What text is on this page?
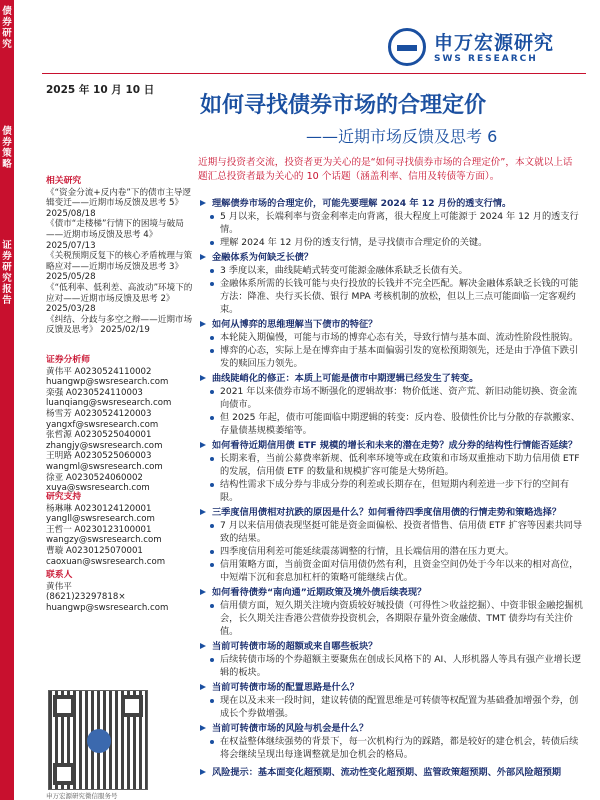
债券研究
债券策略
证券研究报告
申万宏源研究
SWS RESEARCH
2025 年 10 月 10 日
如何寻找债券市场的合理定价
——近期市场反馈及思考 6
相关研究
《“资金分流+反内卷”下的债市主导逻辑变迁——近期市场反馈及思考 5》 2025/08/18
《债市“走楼梯”行情下的困境与破局——近期市场反馈及思考 4》 2025/07/13
《关税预期反复下的核心矛盾梳理与策略应对——近期市场反馈及思考 3》 2025/05/28
《“低利率、低利差、高波动”环境下的应对——近期市场反馈及思考 2》 2025/03/28
《纠结、分歧与多空之辩——近期市场反馈及思考》 2025/02/19
证券分析师
黄伟平 A0230524110002
huangwp@swsresearch.com
栾强 A0230524110003
luanqiang@swsresearch.com
杨雪芳 A0230524120003
yangxf@swsresearch.com
张哲源 A0230525040001
zhangjy@swsresearch.com
王明路 A0230525060003
wangml@swsresearch.com
徐亚 A0230524060002
xuya@swsresearch.com
研究支持
杨琳琳 A0230124120001
yangll@swsresearch.com
王哲一 A0230123100001
wangzy@swsresearch.com
曹璇 A0230125070001
caoxuan@swsresearch.com
联系人
黄伟平
(8621)23297818×
huangwp@swsresearch.com
近期与投资者交流，投资者更为关心的是“如何寻找债券市场的合理定价”，本文就以上话题汇总投资者最为关心的 10 个话题（涵盖利率、信用及转债等方面）。
理解债券市场的合理定价，可能先要理解 2024 年 12 月份的透支行情。
5 月以来，长端利率与资金利率走向背离，很大程度上可能源于 2024 年 12 月的透支行情。
理解 2024 年 12 月份的透支行情，是寻找债市合理定价的关键。
金融体系为何缺乏长债？
3 季度以来，曲线陡峭式转变可能源金融体系缺乏长债有关。
金融体系所需的长钱可能与央行投放的长钱并不完全匹配。解决金融体系缺乏长钱的可能方法：降准、央行买长债、银行 MPA 考核机制的放松，但以上三点可能面临一定客观约束。
如何从博弈的思维理解当下债市的特征？
本轮陡入期偏慢，可能与市场的博弈心态有关，导致行情与基本面、流动性阶段性脱钩。
博弈的心态，实际上是在博弈由于基本面偏弱引发的宽松预期领先，还是由于净值下跌引发的赎回压力领先。
曲线陡峭化的修正：本质上可能是债市中期逻辑已经发生了转变。
2021 年以来债券市场不断强化的逻辑故事：物价低迷、资产荒、新旧动能切换、资金流向债市。
但 2025 年起，债市可能面临中期逻辑的转变：反内卷、股债性价比与分散的存款搬家、存量债基规模萎缩等。
如何看待近期信用债 ETF 规模的增长和未来的潜在走势？成分券的结构性行情能否延续？
长期来看，当前公募费率新规、低利率环境等或在政策和市场双重推动下助力信用债 ETF 的发展，信用债 ETF 的数量和规模扩容可能是大势所趋。
结构性需求下成分券与非成分券的利差或长期存在，但短期内利差进一步下行的空间有限。
三季度信用债相对抗跌的原因是什么？如何看待四季度信用债的行情走势和策略选择？
7 月以来信用债表现坚挺可能是资金面偏松、投资者惜售、信用债 ETF 扩容等因素共同导致的结果。
四季度信用利差可能延续震荡调整的行情，且长端信用的潜在压力更大。
信用策略方面，当前资金面对信用债仍然有利，且资金空间仍处于今年以来的相对高位，中短端下沉和套息加杠杆的策略可能继续占优。
如何看待债券“南向通”近期政策及境外债后续表现？
信用债方面，短久期关注境内资质较好城投债（可得性＞收益挖掘）、中资非银金融挖掘机会，长久期关注香港公营债券投资机会，各期限存量外资金融债、TMT 债券均有关注价值。
当前可转债市场的超额或来自哪些板块？
后续转债市场的个券超额主要聚焦在创成长风格下的 AI、人形机器人等具有强产业增长逻辑的板块。
当前可转债市场的配置思路是什么？
现在以及未来一段时间，建议转债的配置思维是可转债等权配置为基础叠加增强个券，创成长个券做增强。
当前可转债市场的风险与机会是什么？
在权益整体继续强势的背景下，每一次机构行为的踩踏，都是较好的建仓机会，转债后续将会继续呈现出每逢调整就是加仓机会的格局。
风险提示：基本面变化超预期、流动性变化超预期、监管政策超预期、外部风险超预期
申万宏源研究微信服务号
